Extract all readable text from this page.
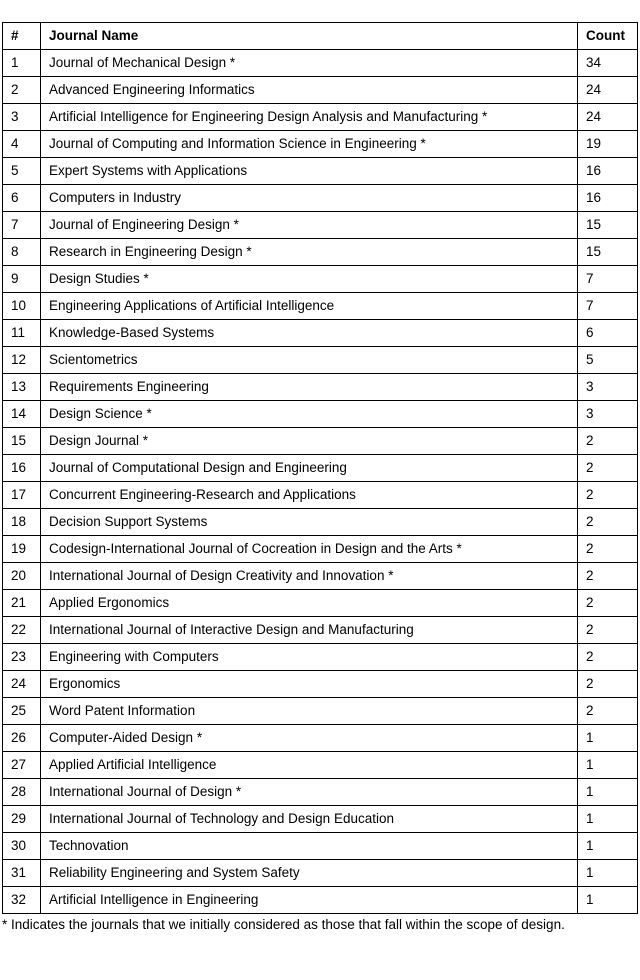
#	Journal Name	Count
1	Journal of Mechanical Design *	34
2	Advanced Engineering Informatics	24
3	Artificial Intelligence for Engineering Design Analysis and Manufacturing *	24
4	Journal of Computing and Information Science in Engineering *	19
5	Expert Systems with Applications	16
6	Computers in Industry	16
7	Journal of Engineering Design *	15
8	Research in Engineering Design *	15
9	Design Studies *	7
10	Engineering Applications of Artificial Intelligence	7
11	Knowledge-Based Systems	6
12	Scientometrics	5
13	Requirements Engineering	3
14	Design Science *	3
15	Design Journal *	2
16	Journal of Computational Design and Engineering	2
17	Concurrent Engineering-Research and Applications	2
18	Decision Support Systems	2
19	Codesign-International Journal of Cocreation in Design and the Arts *	2
20	International Journal of Design Creativity and Innovation *	2
21	Applied Ergonomics	2
22	International Journal of Interactive Design and Manufacturing	2
23	Engineering with Computers	2
24	Ergonomics	2
25	Word Patent Information	2
26	Computer-Aided Design *	1
27	Applied Artificial Intelligence	1
28	International Journal of Design *	1
29	International Journal of Technology and Design Education	1
30	Technovation	1
31	Reliability Engineering and System Safety	1
32	Artificial Intelligence in Engineering	1
* Indicates the journals that we initially considered as those that fall within the scope of design.
